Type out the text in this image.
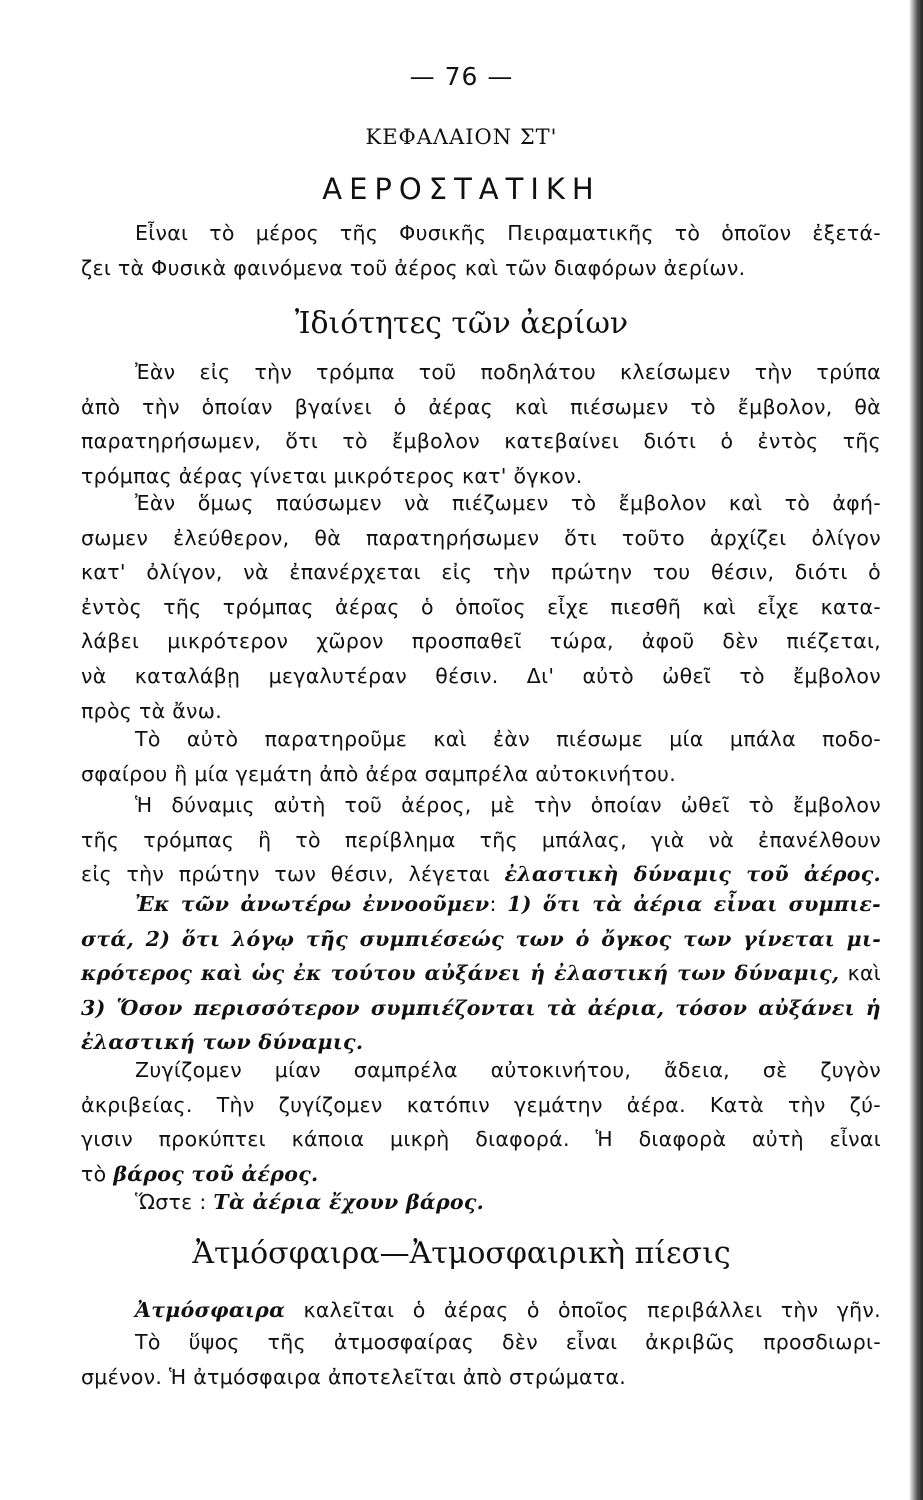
— 76 —
ΚΕΦΑΛΑΙΟΝ ΣΤ'
ΑΕΡΟΣΤΑΤΙΚΗ
Εἶναι τὸ μέρος τῆς Φυσικῆς Πειραματικῆς τὸ ὁποῖον ἐξετά-
ζει τὰ Φυσικὰ φαινόμενα τοῦ ἀέρος καὶ τῶν διαφόρων ἀερίων.
Ἰδιότητες τῶν ἀερίων
Ἐὰν εἰς τὴν τρόμπα τοῦ ποδηλάτου κλείσωμεν τὴν τρύπα
ἀπὸ τὴν ὁποίαν βγαίνει ὁ ἀέρας καὶ πιέσωμεν τὸ ἔμβολον, θὰ
παρατηρήσωμεν, ὅτι τὸ ἔμβολον κατεβαίνει διότι ὁ ἐντὸς τῆς
τρόμπας ἀέρας γίνεται μικρότερος κατ' ὄγκον.
Ἐὰν ὅμως παύσωμεν νὰ πιέζωμεν τὸ ἔμβολον καὶ τὸ ἀφή-
σωμεν ἐλεύθερον, θὰ παρατηρήσωμεν ὅτι τοῦτο ἀρχίζει ὀλίγον
κατ' ὀλίγον, νὰ ἐπανέρχεται εἰς τὴν πρώτην του θέσιν, διότι ὁ
ἐντὸς τῆς τρόμπας ἀέρας ὁ ὁποῖος εἶχε πιεσθῆ καὶ εἶχε κατα-
λάβει μικρότερον χῶρον προσπαθεῖ τώρα, ἀφοῦ δὲν πιέζεται,
νὰ καταλάβῃ μεγαλυτέραν θέσιν. Δι' αὐτὸ ὠθεῖ τὸ ἔμβολον
πρὸς τὰ ἄνω.
Τὸ αὐτὸ παρατηροῦμε καὶ ἐὰν πιέσωμε μία μπάλα ποδο-
σφαίρου ἢ μία γεμάτη ἀπὸ ἀέρα σαμπρέλα αὐτοκινήτου.
Ἡ δύναμις αὐτὴ τοῦ ἀέρος, μὲ τὴν ὁποίαν ὠθεῖ τὸ ἔμβολον
τῆς τρόμπας ἢ τὸ περίβλημα τῆς μπάλας, γιὰ νὰ ἐπανέλθουν
εἰς τὴν πρώτην των θέσιν, λέγεται ἐλαστικὴ δύναμις τοῦ ἀέρος.
Ἐκ τῶν ἀνωτέρω ἐννοοῦμεν: 1) ὅτι τὰ ἀέρια εἶναι συμπιε-
στά, 2) ὅτι λόγῳ τῆς συμπιέσεώς των ὁ ὄγκος των γίνεται μι-
κρότερος καὶ ὡς ἐκ τούτου αὐξάνει ἡ ἐλαστική των δύναμις, καὶ
3) Ὅσον περισσότερον συμπιέζονται τὰ ἀέρια, τόσον αὐξάνει ἡ
ἐλαστική των δύναμις.
Ζυγίζομεν μίαν σαμπρέλα αὐτοκινήτου, ἄδεια, σὲ ζυγὸν
ἀκριβείας. Τὴν ζυγίζομεν κατόπιν γεμάτην ἀέρα. Κατὰ τὴν ζύ-
γισιν προκύπτει κάποια μικρὴ διαφορά. Ἡ διαφορὰ αὐτὴ εἶναι
τὸ βάρος τοῦ ἀέρος.
Ὥστε : Τὰ ἀέρια ἔχουν βάρος.
Ἀτμόσφαιρα—Ἀτμοσφαιρικὴ πίεσις
Ἀτμόσφαιρα καλεῖται ὁ ἀέρας ὁ ὁποῖος περιβάλλει τὴν γῆν.
Τὸ ὕψος τῆς ἀτμοσφαίρας δὲν εἶναι ἀκριβῶς προσδιωρι-
σμένον. Ἡ ἀτμόσφαιρα ἀποτελεῖται ἀπὸ στρώματα.
